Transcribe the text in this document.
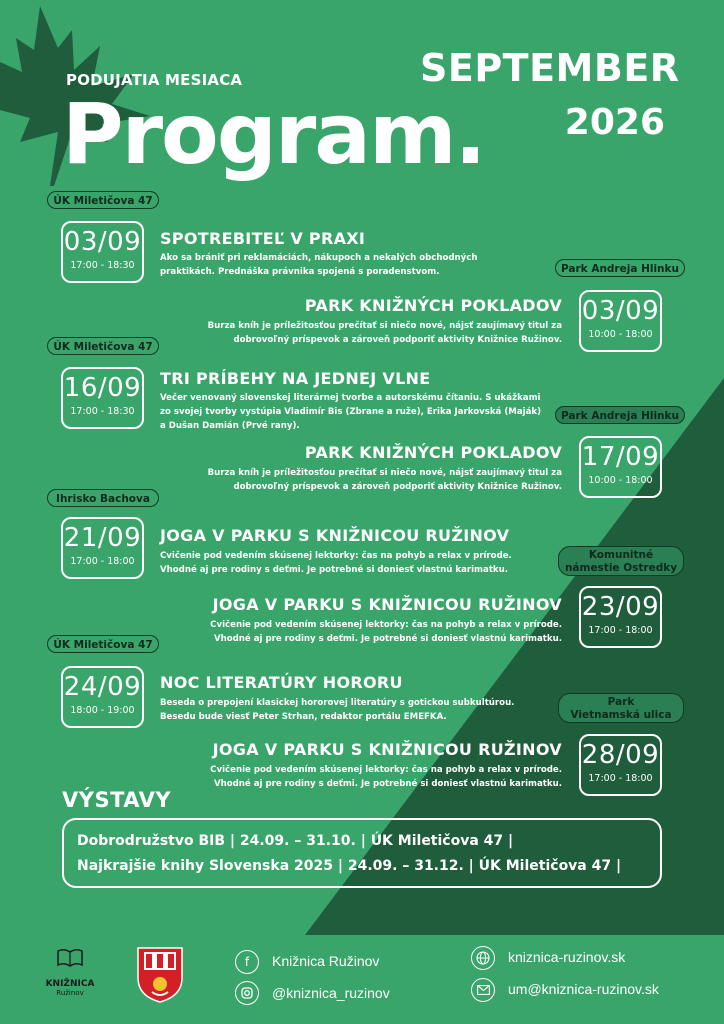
PODUJATIA MESIACA
Program.
SEPTEMBER
2026
ÚK Miletičova 47
03/09
17:00 - 18:30
SPOTREBITEĽ V PRAXI
Ako sa brániť pri reklamáciách, nákupoch a nekalých obchodných
praktikách. Prednáška právnika spojená s poradenstvom.	Park Andreja Hlinku
03/09
10:00 - 18:00
PARK KNIŽNÝCH POKLADOV
Burza kníh je príležitosťou prečítať si niečo nové, nájsť zaujímavý titul za
dobrovoľný príspevok a zároveň podporiť aktivity Knižnice Ružinov.
ÚK Miletičova 47
16/09
17:00 - 18:30
TRI PRÍBEHY NA JEDNEJ VLNE
Večer venovaný slovenskej literárnej tvorbe a autorskému čítaniu. S ukážkami
zo svojej tvorby vystúpia Vladimír Bis (Zbrane a ruže), Erika Jarkovská (Maják)
a Dušan Damián (Prvé rany).
Park Andreja Hlinku
17/09
10:00 - 18:00
PARK KNIŽNÝCH POKLADOV
Burza kníh je príležitosťou prečítať si niečo nové, nájsť zaujímavý titul za
dobrovoľný príspevok a zároveň podporiť aktivity Knižnice Ružinov.
Ihrisko Bachova
21/09
17:00 - 18:00
JOGA V PARKU S KNIŽNICOU RUŽINOV
Cvičenie pod vedením skúsenej lektorky: čas na pohyb a relax v prírode.
Vhodné aj pre rodiny s deťmi. Je potrebné si doniesť vlastnú karimatku.
Komunitné
námestie Ostredky
23/09
17:00 - 18:00
JOGA V PARKU S KNIŽNICOU RUŽINOV
Cvičenie pod vedením skúsenej lektorky: čas na pohyb a relax v prírode.
Vhodné aj pre rodiny s deťmi. Je potrebné si doniesť vlastnú karimatku.
ÚK Miletičova 47
24/09
18:00 - 19:00
NOC LITERATÚRY HORORU
Beseda o prepojení klasickej hororovej literatúry s gotickou subkultúrou.
Besedu bude viesť Peter Strhan, redaktor portálu EMEFKA.
Park
Vietnamská ulica
28/09
17:00 - 18:00
JOGA V PARKU S KNIŽNICOU RUŽINOV
Cvičenie pod vedením skúsenej lektorky: čas na pohyb a relax v prírode.
Vhodné aj pre rodiny s deťmi. Je potrebné si doniesť vlastnú karimatku.
VÝSTAVY
Dobrodružstvo BIB | 24.09. – 31.10. | ÚK Miletičova 47 |
Najkrajšie knihy Slovenska 2025 | 24.09. – 31.12. | ÚK Miletičova 47 |
KNIŽNICA
Ružinov
f	Knižnica Ružinov
@kniznica_ruzinov
kniznica-ruzinov.sk
um@kniznica-ruzinov.sk
